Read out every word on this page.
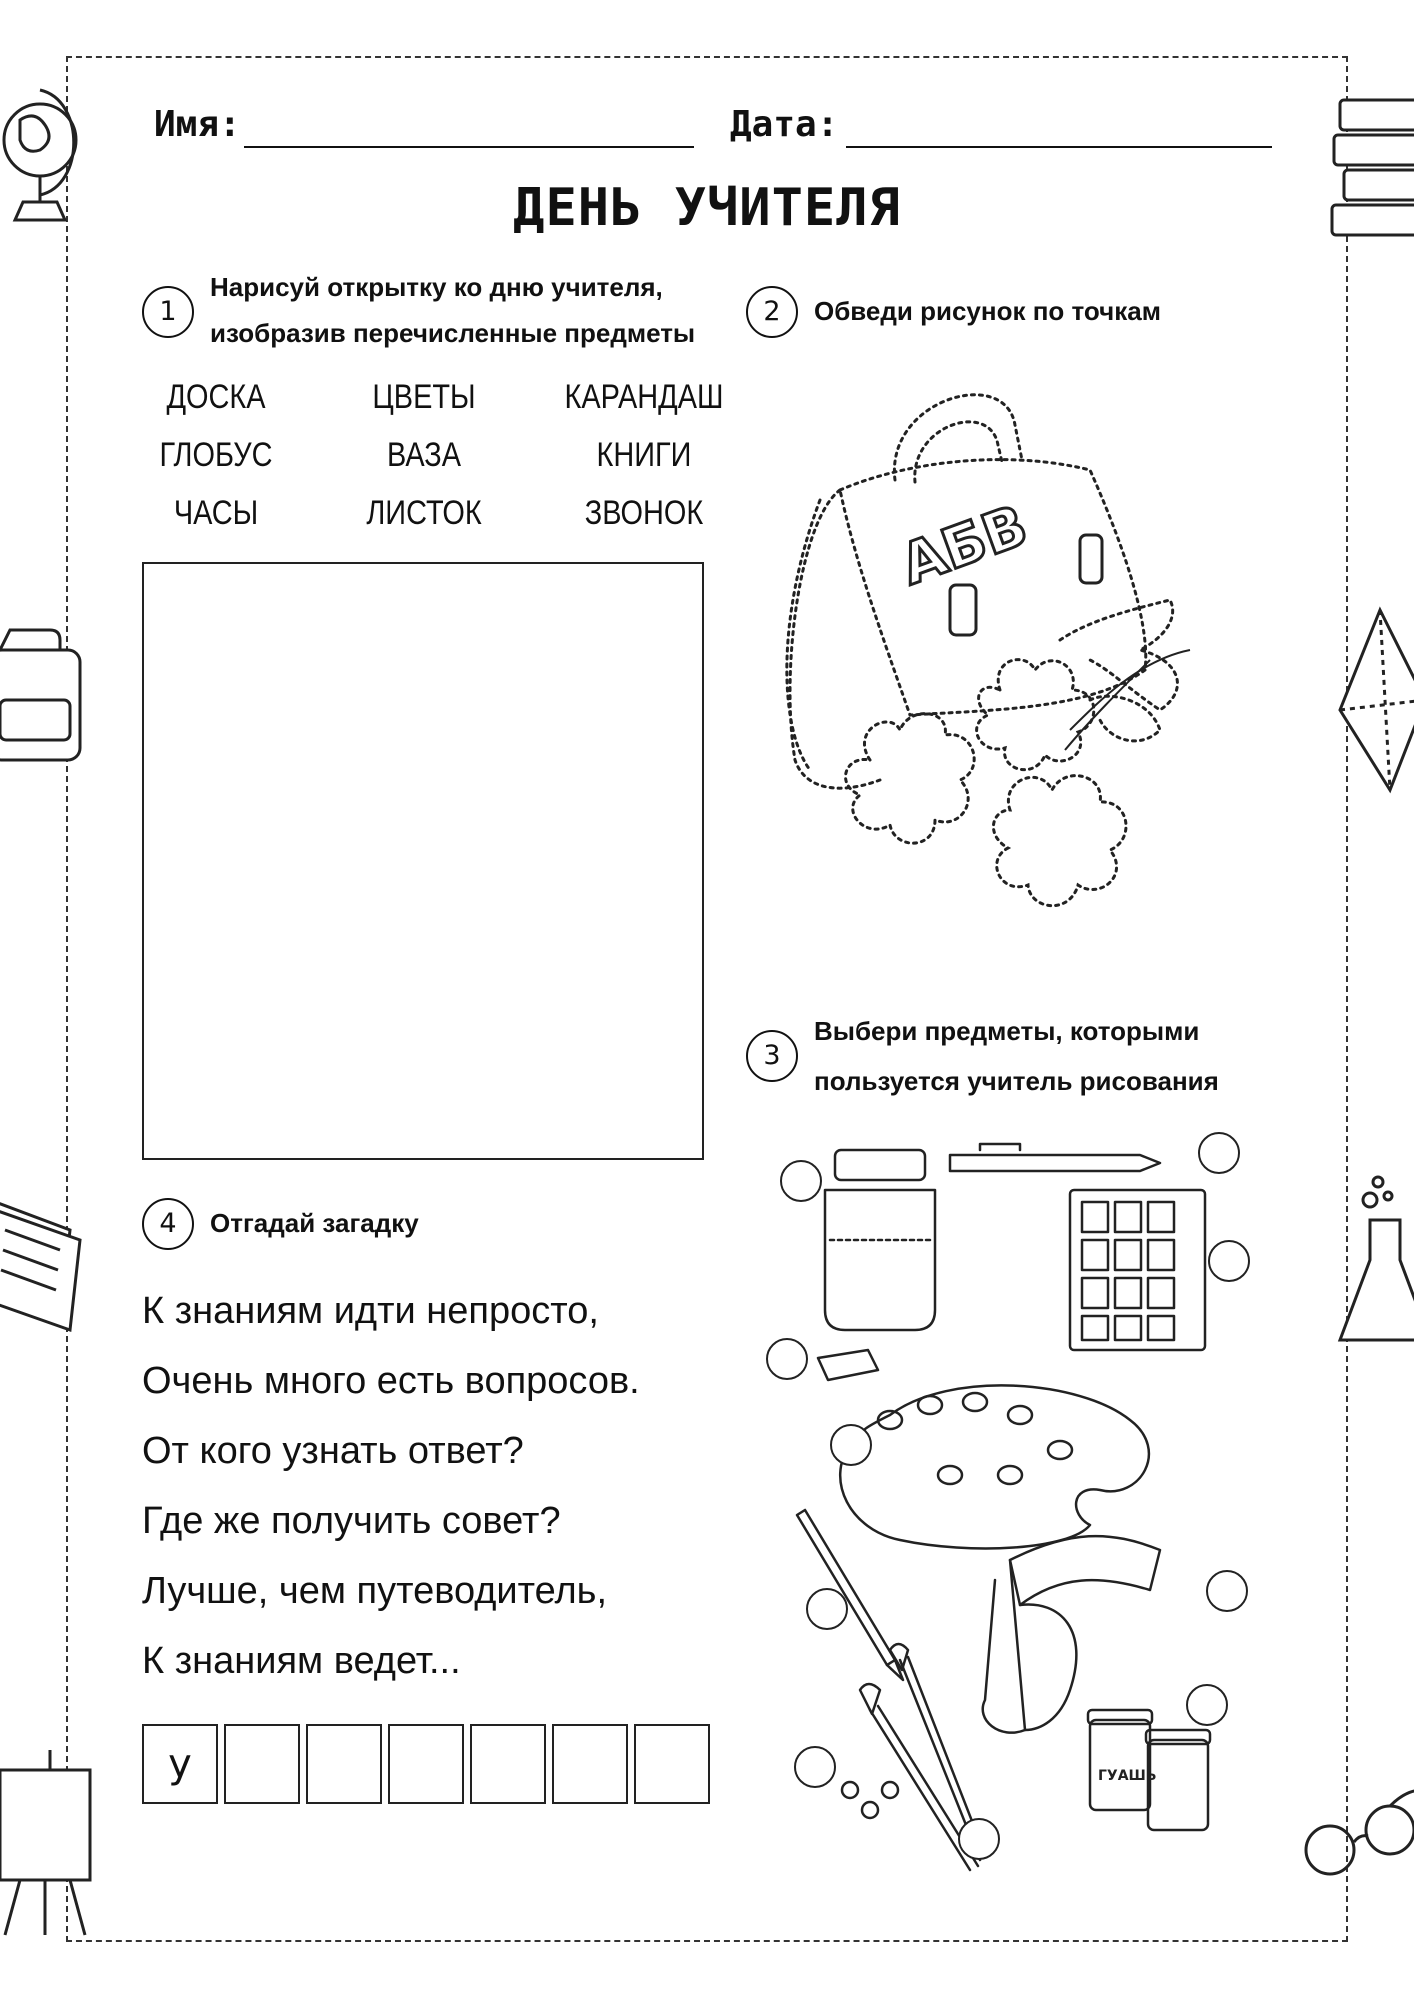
Имя:	Дата:
ДЕНЬ УЧИТЕЛЯ
1
Нарисуй открытку ко дню учителя,
изобразив перечисленные предметы
ДОСКА	ЦВЕТЫ	КАРАНДАШ
ГЛОБУС	ВАЗА	КНИГИ
ЧАСЫ	ЛИСТОК	ЗВОНОК
2	Обведи рисунок по точкам
АБВ
3
Выбери предметы, которыми
пользуется учитель рисования
ГУАШЬ
4	Отгадай загадку
К знаниям идти непросто,
Очень много есть вопросов.
От кого узнать ответ?
Где же получить совет?
Лучше, чем путеводитель,
К знаниям ведет...
у
